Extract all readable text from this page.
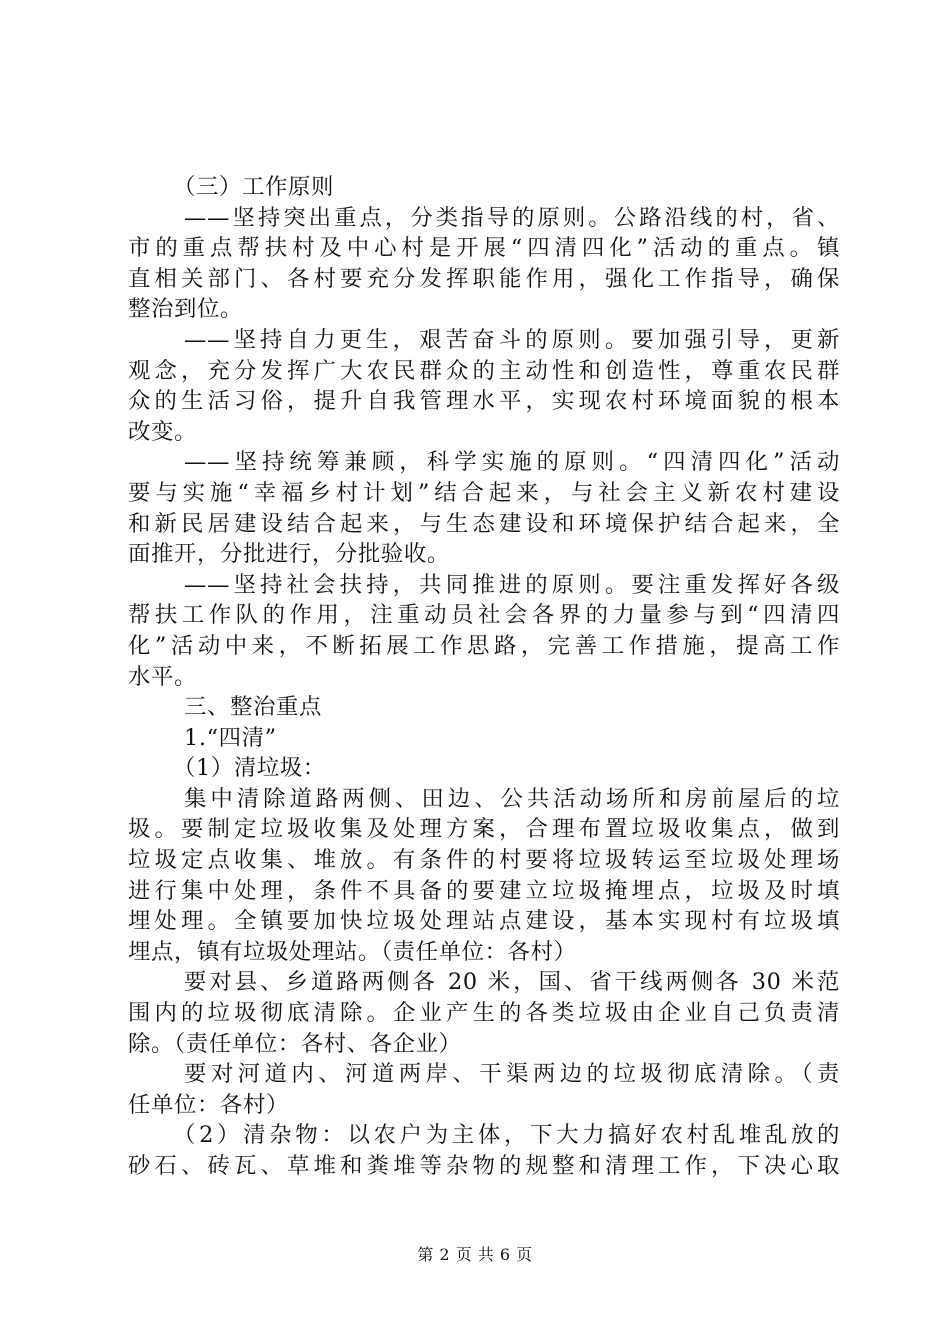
（三）工作原则
——坚持突出重点，分类指导的原则。公路沿线的村，省、
市的重点帮扶村及中心村是开展“四清四化”活动的重点。镇
直相关部门、各村要充分发挥职能作用，强化工作指导，确保
整治到位。
——坚持自力更生，艰苦奋斗的原则。要加强引导，更新
观念，充分发挥广大农民群众的主动性和创造性，尊重农民群
众的生活习俗，提升自我管理水平，实现农村环境面貌的根本
改变。
——坚持统筹兼顾，科学实施的原则。“四清四化”活动
要与实施“幸福乡村计划”结合起来，与社会主义新农村建设
和新民居建设结合起来，与生态建设和环境保护结合起来，全
面推开，分批进行，分批验收。
——坚持社会扶持，共同推进的原则。要注重发挥好各级
帮扶工作队的作用，注重动员社会各界的力量参与到“四清四
化”活动中来，不断拓展工作思路，完善工作措施，提高工作
水平。
三、整治重点
1.“四清”
（1）清垃圾：
集中清除道路两侧、田边、公共活动场所和房前屋后的垃
圾。要制定垃圾收集及处理方案，合理布置垃圾收集点，做到
垃圾定点收集、堆放。有条件的村要将垃圾转运至垃圾处理场
进行集中处理，条件不具备的要建立垃圾掩埋点，垃圾及时填
埋处理。全镇要加快垃圾处理站点建设，基本实现村有垃圾填
埋点，镇有垃圾处理站。（责任单位：各村）
要对县、乡道路两侧各 20 米，国、省干线两侧各 30 米范
围内的垃圾彻底清除。企业产生的各类垃圾由企业自己负责清
除。（责任单位：各村、各企业）
要对河道内、河道两岸、干渠两边的垃圾彻底清除。（责
任单位：各村）
（2）清杂物：以农户为主体，下大力搞好农村乱堆乱放的
砂石、砖瓦、草堆和粪堆等杂物的规整和清理工作，下决心取
第 2 页 共 6 页
